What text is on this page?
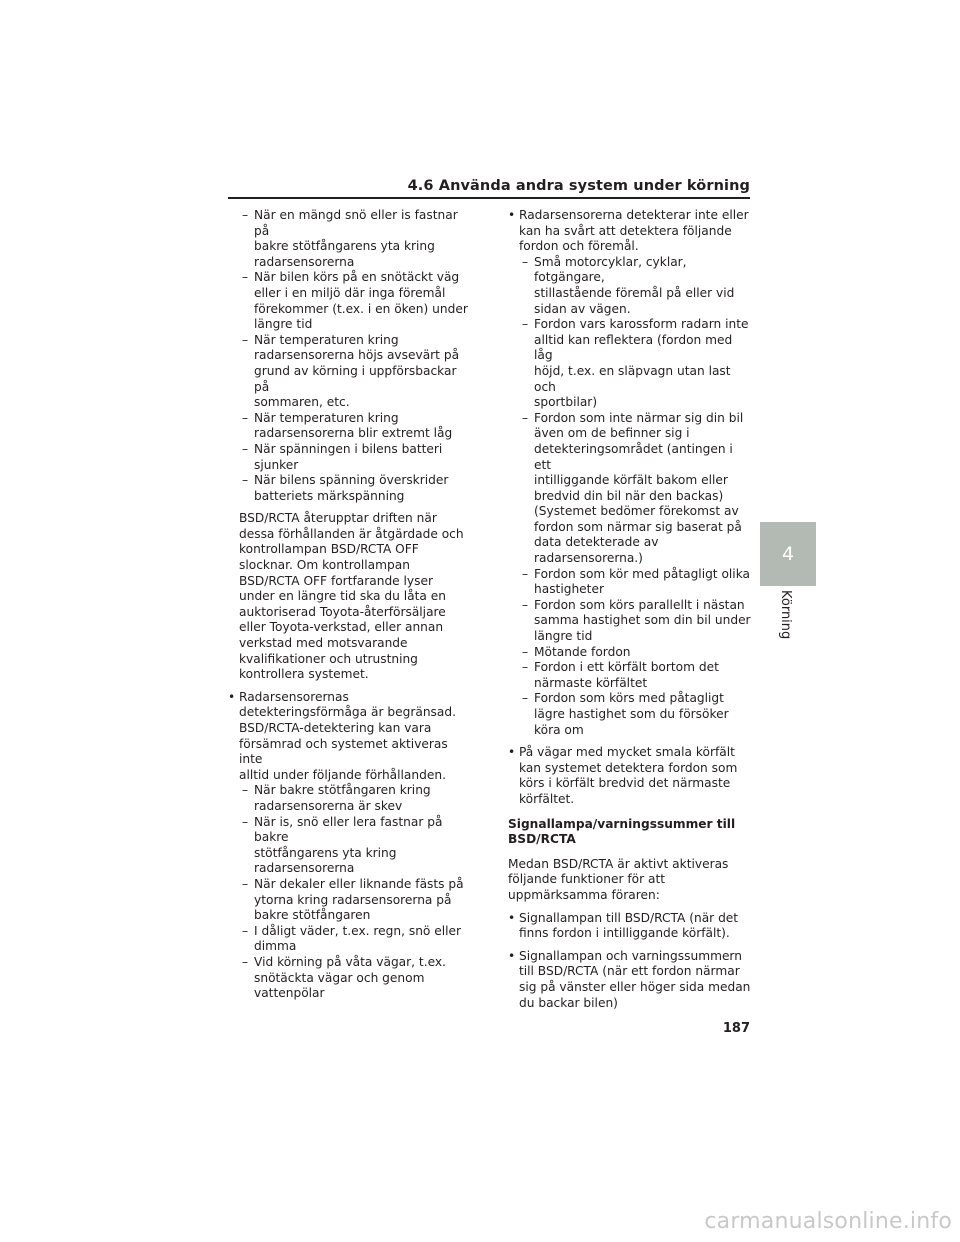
4.6 Använda andra system under körning

– När en mängd snö eller is fastnar på
bakre stötfångarens yta kring
radarsensorerna

– När bilen körs på en snötäckt väg
eller i en miljö där inga föremål
förekommer (t.ex. i en öken) under
längre tid

– När temperaturen kring
radarsensorerna höjs avsevärt på
grund av körning i uppförsbackar på
sommaren, etc.

– När temperaturen kring
radarsensorerna blir extremt låg

– När spänningen i bilens batteri
sjunker

– När bilens spänning överskrider
batteriets märkspänning

BSD/RCTA återupptar driften när
dessa förhållanden är åtgärdade och
kontrollampan BSD/RCTA OFF
slocknar. Om kontrollampan
BSD/RCTA OFF fortfarande lyser
under en längre tid ska du låta en
auktoriserad Toyota-återförsäljare
eller Toyota-verkstad, eller annan
verkstad med motsvarande
kvalifikationer och utrustning
kontrollera systemet.

• Radarsensorernas
detekteringsförmåga är begränsad.
BSD/RCTA-detektering kan vara
försämrad och systemet aktiveras inte
alltid under följande förhållanden.

– När bakre stötfångaren kring
radarsensorerna är skev

– När is, snö eller lera fastnar på bakre
stötfångarens yta kring
radarsensorerna

– När dekaler eller liknande fästs på
ytorna kring radarsensorerna på
bakre stötfångaren

– I dåligt väder, t.ex. regn, snö eller
dimma

– Vid körning på våta vägar, t.ex.
snötäckta vägar och genom
vattenpölar

• Radarsensorerna detekterar inte eller
kan ha svårt att detektera följande
fordon och föremål.

– Små motorcyklar, cyklar, fotgängare,
stillastående föremål på eller vid
sidan av vägen.

– Fordon vars karossform radarn inte
alltid kan reflektera (fordon med låg
höjd, t.ex. en släpvagn utan last och
sportbilar)

– Fordon som inte närmar sig din bil
även om de befinner sig i
detekteringsområdet (antingen i ett
intilliggande körfält bakom eller
bredvid din bil när den backas)
(Systemet bedömer förekomst av
fordon som närmar sig baserat på
data detekterade av
radarsensorerna.)

– Fordon som kör med påtagligt olika
hastigheter

– Fordon som körs parallellt i nästan
samma hastighet som din bil under
längre tid

– Mötande fordon

– Fordon i ett körfält bortom det
närmaste körfältet

– Fordon som körs med påtagligt
lägre hastighet som du försöker
köra om

• På vägar med mycket smala körfält
kan systemet detektera fordon som
körs i körfält bredvid det närmaste
körfältet.

Signallampa/varningssummer till
BSD/RCTA

Medan BSD/RCTA är aktivt aktiveras
följande funktioner för att
uppmärksamma föraren:

• Signallampan till BSD/RCTA (när det
finns fordon i intilliggande körfält).

• Signallampan och varningssummern
till BSD/RCTA (när ett fordon närmar
sig på vänster eller höger sida medan
du backar bilen)

4
Körning
187
carmanualsonline.info
